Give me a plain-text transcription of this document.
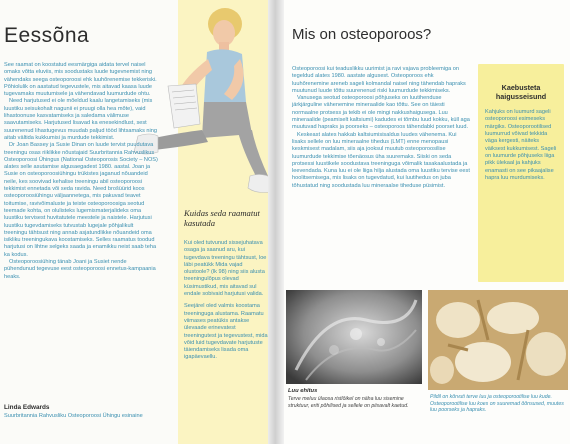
Eessõna

See raamat on koostatud eesmärgiga aidata tervel naisel omaks võtta eluviis, mis soodustaks luude tugevnemist ning vähendaks seega osteoporoosi ehk luuhõrenemise tekkeriski. Põhiolulik on aastatud tegevustele, mis aitavad kaasa luude tugevamaks muutumisele ja vähendavad luumurdude ohtu.

Need harjutused ei ole mõeldud kaalu langetamiseks (mis luustiku seisukohalt nagunii ei pruugi olla hea mõte), vaid lihastoonuse kasvatamiseks ja saledama välimuse saavutamiseks. Harjutused lisavad ka enesekindlust, sest suurenenud lihastugevus muudab paljud tööd lihtsamaks ning aitab vältida kukkumisi ja murdude tekkimist.

Dr Joan Bassey ja Susie Dinan on luude tervist puudutava treeningu osas riiklikke nõustajaid Suurbritannia Rahvuslikus Osteoporoosi Ühingus (National Osteoporosis Society – NOS) alates selle asutamise algusaegadest 1980. aastal. Joan ja Susie on osteoporoosiühingu trükistes jaganud nõuandeid neile, kes soovivad kehalise treeningu abil osteoporoosi tekkimist ennetada või seda ravida. Need brošüürid koos osteoporoosiühingu väljaannetega, mis pakuvad teavet toitumise, ravivõimaluste ja teiste osteoporoosiga seotud teemade kohta, on olulisteks lugemismaterjalideks oma luustiku tervisest huvitatutele meestele ja naistele. Harjutusi luustiku tugevdamiseks tutvustab lugejale põhjalikult treeningu tähtsust ning annab asjatundlikke nõuandeid oma isikliku treeningukava koostamiseks. Selles raamatus toodud harjutusi on lihtne selgeks saada ja enamikku neist saab teha ka kodus.

Osteoporoosiühing tänab Joani ja Susiet nende pühendunud tegevuse eest osteoporoosi ennetus-kampaania heaks.

Linda Edwards
Suurbritannia Rahvusliku Osteoporoosi Ühingu esinaine
Kuidas seda raamatut kasutada

Kui oled tutvunud sissejuhatava osaga ja saanud aru, kui tugevdava treeningu tähtsust, loe läbi peatükk Mida vajad olustoole? (lk 98) ning siis alusta treeningulõpus olevad küsimustikud, mis aitavad sul endale sobivaid harjutusi valida.

Seejärel oled valmis koostama treeninguga alustama. Raamatu viimases peatükis antakse ülevaade erinevatest treeningutest ja tegevustest, mida võid luid tugevdavate harjutuste täiendamiseks lisada oma igapäevaellu.

Mis on osteoporoos?

Osteoporoosi kui teaduslikku uurimist ja ravi vajava probleemiga on tegeldud alates 1980. aastate algusest. Osteoporoos ehk luuhõrenemine areneb sageli kolmandal naisel ning tähendab hapraks muutunud luude tõttu suurenenud riski luumurdude tekkimiseks.

Vanusega seotud osteoporoosi põhjuseks on luutihenduse järkjärguline vähenemine mineraalide kao tõttu. See on täiesti normaalne protsess ja tekib ei ole mingi nakkushaigusega. Luu mineraalide (peamiselt kaltsiumi) kadudes ei tõmbu luud kokku, küll aga muutuvad hapraks ja poorseks – osteoporoos tähendabki poorset luud.

Keskeast alates hakkab kaltsiumisisaldus luudes vähenema. Kui lisaks sellele on luu mineraalne tihedus (LMT) enne menopausi keskmisest madalam, siis aja jooksul muutub osteoporoosilise luumurdude tekkimise tõenäosus üha suuremaks. Siiski on seda protsessi luustikele soodustava treeninguga võimalik tasakaalustada ja leevendada. Kuna luu ei ole liiga hilja alustada oma luustiku tervise eest hoolitsemisega, mis lisaks on tugevdatud, kui luutihedus on juba tõhustatud ning soodustada luu mineraalse tiheduse püsimist.

Kaebusteta haigusseisund
Kahjuks on luumurd sageli osteoporoosi esimeseks märgiks. Osteoporootilised luumurrud võivad tekkida väga kergesti, näiteks väiksest kukkumisest. Sageli on luumurde põhjuseks liiga pikk ülekaal ja kahjuks enamasti on see pikaajalise hapra luu murdumiseks.
Luu ehitus
Terve meluu ülaosa ristlõikel on näha luu sisemine struktuur, eriti põhilised ja sellele on piisavalt kaetud.
Pildil on kõrvuti terve luu ja osteoporootilise luu kude. Osteoporootilise luu koes on suuremad õõnsused, muutes luu poorseks ja hapraks.
